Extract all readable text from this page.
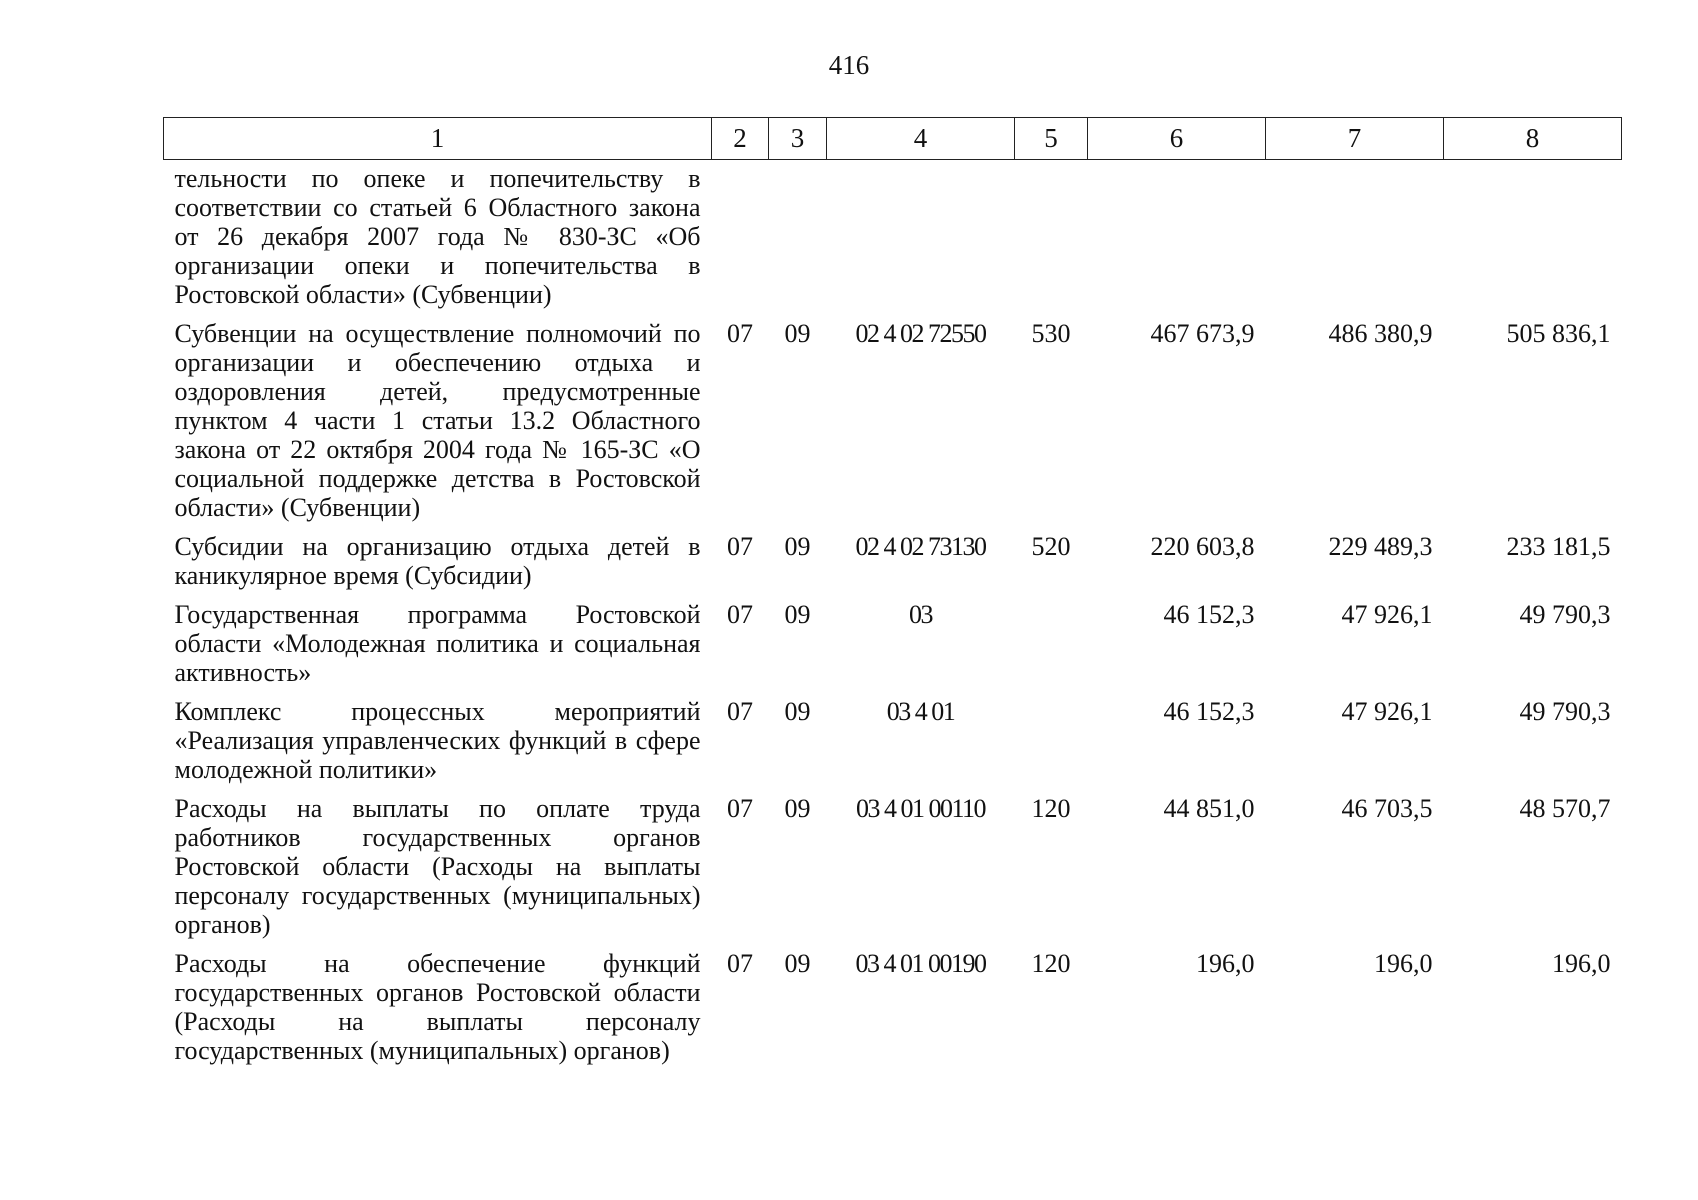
416
1	2	3	4	5	6	7	8
тельности по опеке и попечительству в соответствии со статьей 6 Областного закона от 26 декабря 2007 года № 830-ЗС «Об организации опеки и попечительства в Ростовской области» (Субвенции)							
Субвенции на осуществление полномочий по организации и обеспечению отдыха и оздоровления детей, предусмотренные пунктом 4 части 1 статьи 13.2 Областного закона от 22 октября 2004 года № 165-ЗС «О социальной поддержке детства в Ростовской области» (Субвенции)	07	09	02 4 02 72550	530	467 673,9	486 380,9	505 836,1
Субсидии на организацию отдыха детей в каникулярное время (Субсидии)	07	09	02 4 02 73130	520	220 603,8	229 489,3	233 181,5
Государственная программа Ростовской области «Молодежная политика и социальная активность»	07	09	03		46 152,3	47 926,1	49 790,3
Комплекс процессных мероприятий «Реализация управленческих функций в сфере молодежной политики»	07	09	03 4 01		46 152,3	47 926,1	49 790,3
Расходы на выплаты по оплате труда работников государственных органов Ростовской области (Расходы на выплаты персоналу государственных (муниципальных) органов)	07	09	03 4 01 00110	120	44 851,0	46 703,5	48 570,7
Расходы на обеспечение функций государственных органов Ростовской области (Расходы на выплаты персоналу государственных (муниципальных) органов)	07	09	03 4 01 00190	120	196,0	196,0	196,0
